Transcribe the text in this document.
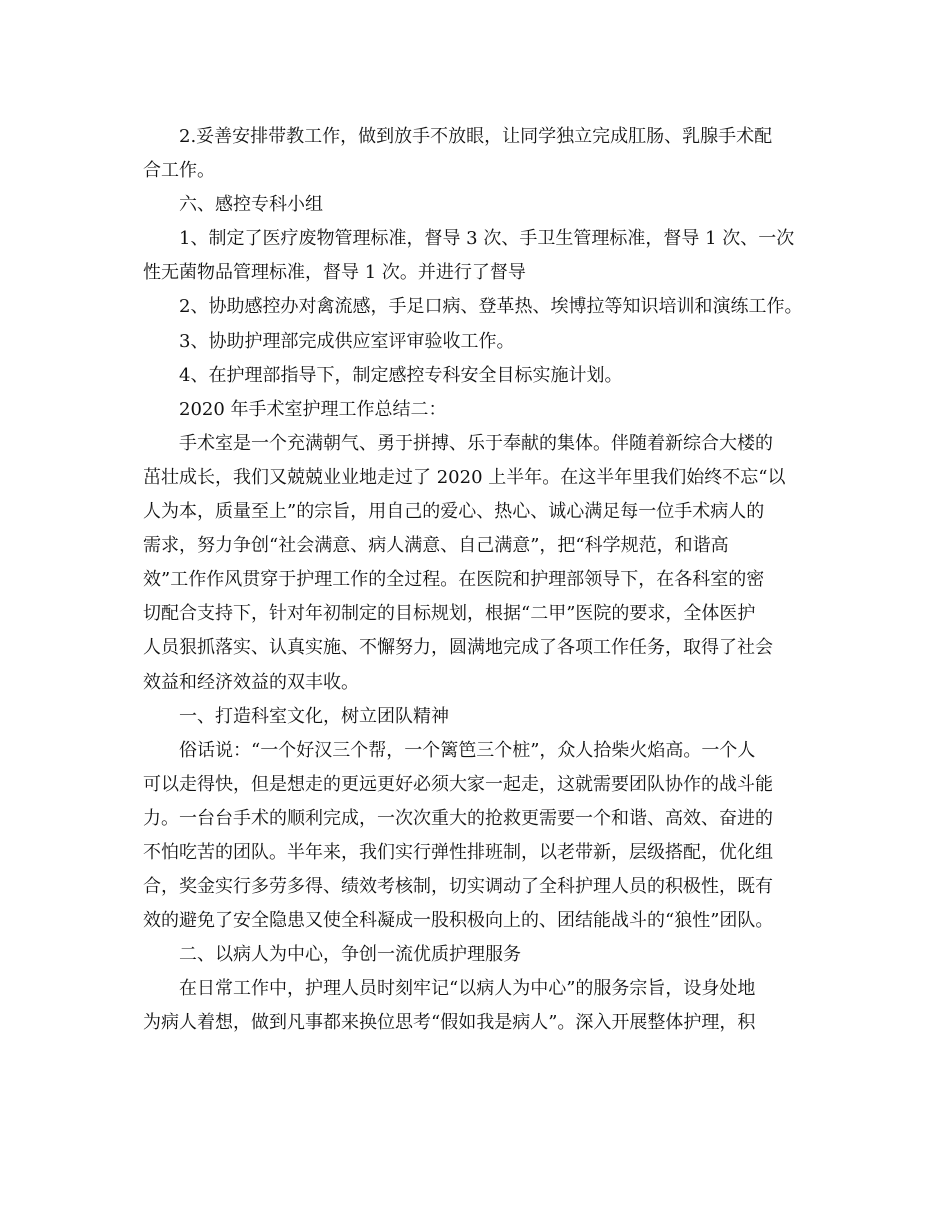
2.妥善安排带教工作，做到放手不放眼，让同学独立完成肛肠、乳腺手术配
合工作。
六、感控专科小组
1、制定了医疗废物管理标准，督导 3 次、手卫生管理标准，督导 1 次、一次
性无菌物品管理标准，督导 1 次。并进行了督导
2、协助感控办对禽流感，手足口病、登革热、埃博拉等知识培训和演练工作。
3、协助护理部完成供应室评审验收工作。
4、在护理部指导下，制定感控专科安全目标实施计划。
2020 年手术室护理工作总结二：
手术室是一个充满朝气、勇于拼搏、乐于奉献的集体。伴随着新综合大楼的
茁壮成长，我们又兢兢业业地走过了 2020 上半年。在这半年里我们始终不忘“以
人为本，质量至上”的宗旨，用自己的爱心、热心、诚心满足每一位手术病人的
需求，努力争创“社会满意、病人满意、自己满意”，把“科学规范，和谐高
效”工作作风贯穿于护理工作的全过程。在医院和护理部领导下，在各科室的密
切配合支持下，针对年初制定的目标规划，根据“二甲”医院的要求，全体医护
人员狠抓落实、认真实施、不懈努力，圆满地完成了各项工作任务，取得了社会
效益和经济效益的双丰收。
一、打造科室文化，树立团队精神
俗话说：“一个好汉三个帮，一个篱笆三个桩”，众人拾柴火焰高。一个人
可以走得快，但是想走的更远更好必须大家一起走，这就需要团队协作的战斗能
力。一台台手术的顺利完成，一次次重大的抢救更需要一个和谐、高效、奋进的
不怕吃苦的团队。半年来，我们实行弹性排班制，以老带新，层级搭配，优化组
合，奖金实行多劳多得、绩效考核制，切实调动了全科护理人员的积极性，既有
效的避免了安全隐患又使全科凝成一股积极向上的、团结能战斗的“狼性”团队。
二、以病人为中心，争创一流优质护理服务
在日常工作中，护理人员时刻牢记“以病人为中心”的服务宗旨，设身处地
为病人着想，做到凡事都来换位思考“假如我是病人”。深入开展整体护理，积
